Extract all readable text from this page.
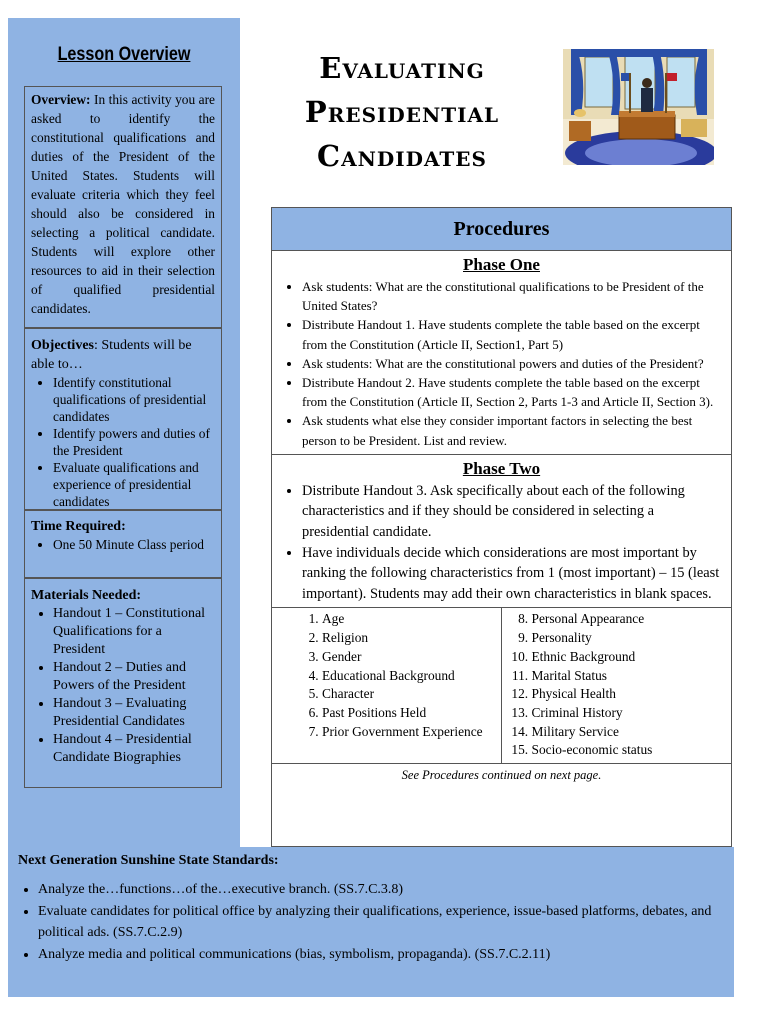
Lesson Overview
Overview: In this activity you are asked to identify the constitutional qualifications and duties of the President of the United States. Students will evaluate criteria which they feel should also be considered in selecting a political candidate. Students will explore other resources to aid in their selection of qualified presidential candidates.
Objectives: Students will be able to…
• Identify constitutional qualifications of presidential candidates
• Identify powers and duties of the President
• Evaluate qualifications and experience of presidential candidates
Time Required:
• One 50 Minute Class period
Materials Needed:
• Handout 1 – Constitutional Qualifications for a President
• Handout 2 – Duties and Powers of the President
• Handout 3 – Evaluating Presidential Candidates
• Handout 4 – Presidential Candidate Biographies
Evaluating
Presidential
Candidates
Procedures
Phase One
• Ask students: What are the constitutional qualifications to be President of the United States?
• Distribute Handout 1. Have students complete the table based on the excerpt from the Constitution (Article II, Section1, Part 5)
• Ask students: What are the constitutional powers and duties of the President?
• Distribute Handout 2. Have students complete the table based on the excerpt from the Constitution (Article II, Section 2, Parts 1-3 and Article II, Section 3).
• Ask students what else they consider important factors in selecting the best person to be President. List and review.
Phase Two
• Distribute Handout 3. Ask specifically about each of the following characteristics and if they should be considered in selecting a presidential candidate.
• Have individuals decide which considerations are most important by ranking the following characteristics from 1 (most important) – 15 (least important). Students may add their own characteristics in blank spaces.
1. Age
2. Religion
3. Gender
4. Educational Background
5. Character
6. Past Positions Held
7. Prior Government Experience
8. Personal Appearance
9. Personality
10. Ethnic Background
11. Marital Status
12. Physical Health
13. Criminal History
14. Military Service
15. Socio-economic status
See Procedures continued on next page.
Next Generation Sunshine State Standards:
• Analyze the…functions…of the…executive branch. (SS.7.C.3.8)
• Evaluate candidates for political office by analyzing their qualifications, experience, issue-based platforms, debates, and political ads. (SS.7.C.2.9)
• Analyze media and political communications (bias, symbolism, propaganda). (SS.7.C.2.11)
